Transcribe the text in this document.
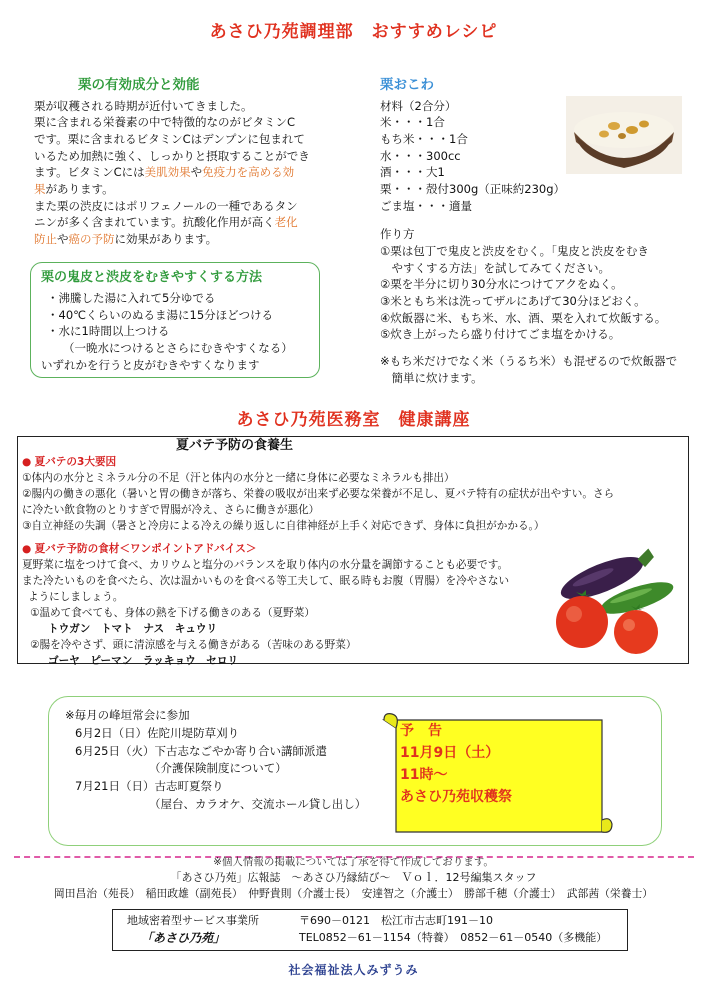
あさひ乃苑調理部　おすすめレシピ
栗の有効成分と効能
栗が収穫される時期が近付いてきました。
栗に含まれる栄養素の中で特徴的なのがビタミンC
です。栗に含まれるビタミンCはデンプンに包まれて
いるため加熱に強く、しっかりと摂取することができ
ます。ビタミンCには美肌効果や免疫力を高める効
果があります。
また栗の渋皮にはポリフェノールの一種であるタン
ニンが多く含まれています。抗酸化作用が高く老化
防止や癌の予防に効果があります。
栗の鬼皮と渋皮をむきやすくする方法
・沸騰した湯に入れて5分ゆでる
・40℃くらいのぬるま湯に15分ほどつける
・水に1時間以上つける
（一晩水につけるとさらにむきやすくなる）
いずれかを行うと皮がむきやすくなります
栗おこわ
材料（2合分）
米・・・1合
もち米・・・1合
水・・・300cc
酒・・・大1
栗・・・殻付300g（正味約230g）
ごま塩・・・適量
作り方
①栗は包丁で鬼皮と渋皮をむく。「鬼皮と渋皮をむき
　やすくする方法」を試してみてください。
②栗を半分に切り30分水につけてアクをぬく。
③米ともち米は洗ってザルにあげて30分ほどおく。
④炊飯器に米、もち米、水、酒、栗を入れて炊飯する。
⑤炊き上がったら盛り付けてごま塩をかける。
※もち米だけでなく米（うるち米）も混ぜるので炊飯器で
　簡単に炊けます。
あさひ乃苑医務室　健康講座
夏バテ予防の食養生
● 夏バテの3大要因
①体内の水分とミネラル分の不足（汗と体内の水分と一緒に身体に必要なミネラルも排出）
②腸内の働きの悪化（暑いと胃の働きが落ち、栄養の吸収が出来ず必要な栄養が不足し、夏バテ特有の症状が出やすい。さら
に冷たい飲食物のとりすぎで胃腸が冷え、さらに働きが悪化）
③自立神経の失調（暑さと冷房による冷えの繰り返しに自律神経が上手く対応できず、身体に負担がかかる。）
● 夏バテ予防の食材＜ワンポイントアドバイス＞
夏野菜に塩をつけて食べ、カリウムと塩分のバランスを取り体内の水分量を調節することも必要です。
また冷たいものを食べたら、次は温かいものを食べる等工夫して、眠る時もお腹（胃腸）を冷やさない
ようにしましょう。
①温めて食べても、身体の熱を下げる働きのある（夏野菜）
トウガン　トマト　ナス　キュウリ
②腸を冷やさず、頭に清涼感を与える働きがある（苦味のある野菜）
ゴーヤ　ピーマン　ラッキョウ　セロリ
※毎月の峰垣常会に参加
6月2日（日）佐陀川堤防草刈り
6月25日（火）下古志なごやか寄り合い講師派遣
（介護保険制度について）
7月21日（日）古志町夏祭り
（屋台、カラオケ、交流ホール貸し出し）
予　告
11月9日（土）
11時～
あさひ乃苑収穫祭
※個人情報の掲載については了承を得て作成しております。
「あさひ乃苑」広報誌　～あさひ乃縁結び～　Ｖｏｌ．12号編集スタッフ
岡田昌治（苑長）　稲田政雄（副苑長）　仲野貴則（介護士長）　安達智之（介護士）　勝部千穂（介護士）　武部茜（栄養士）
地域密着型サービス事業所
「あさひ乃苑」
〒690－0121　松江市古志町191－10
TEL0852－61－1154（特養）　0852－61－0540（多機能）
社会福祉法人みずうみ
